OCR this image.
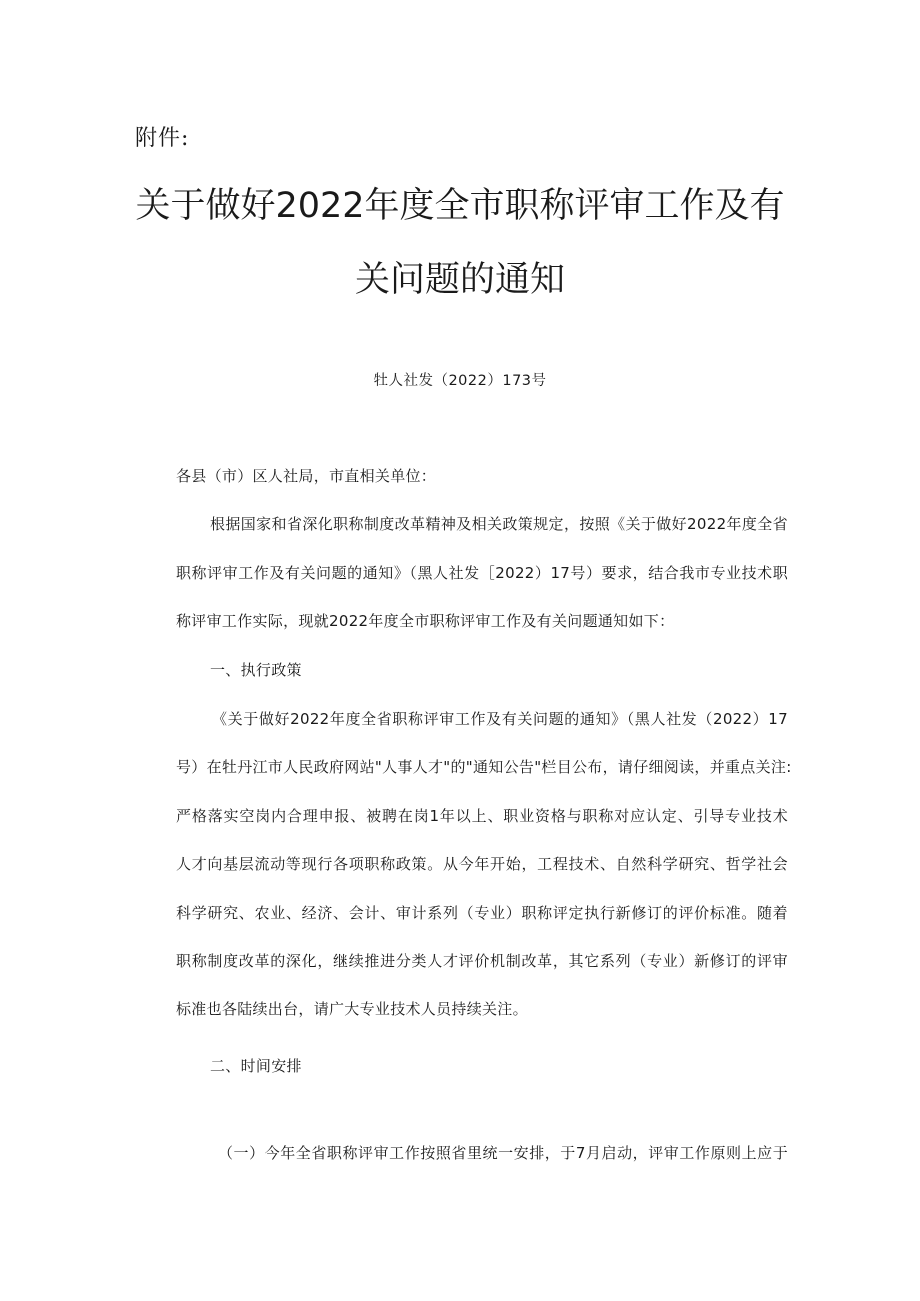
附件:
关于做好2022年度全市职称评审工作及有
关问题的通知
牡人社发（2022）173号
各县（市）区人社局，市直相关单位：
根据国家和省深化职称制度改革精神及相关政策规定，按照《关于做好2022年度全省
职称评审工作及有关问题的通知》（黑人社发［2022）17号）要求，结合我市专业技术职
称评审工作实际，现就2022年度全市职称评审工作及有关问题通知如下：
一、执行政策
《关于做好2022年度全省职称评审工作及有关问题的通知》（黑人社发（2022）17
号）在牡丹江市人民政府网站"人事人才"的"通知公告"栏目公布，请仔细阅读，并重点关注:
严格落实空岗内合理申报、被聘在岗1年以上、职业资格与职称对应认定、引导专业技术
人才向基层流动等现行各项职称政策。从今年开始，工程技术、自然科学研究、哲学社会
科学研究、农业、经济、会计、审计系列（专业）职称评定执行新修订的评价标准。随着
职称制度改革的深化，继续推进分类人才评价机制改革，其它系列（专业）新修订的评审
标准也各陆续出台，请广大专业技术人员持续关注。
二、时间安排
（一）今年全省职称评审工作按照省里统一安排，于7月启动，评审工作原则上应于
